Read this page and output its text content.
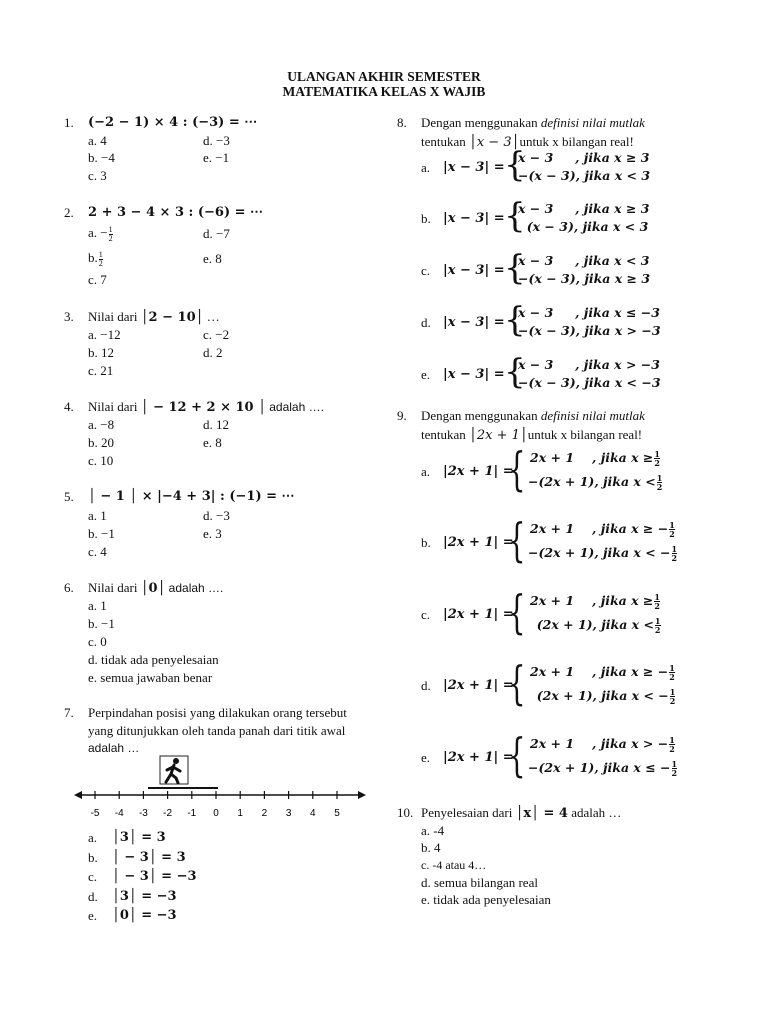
ULANGAN AKHIR SEMESTER
MATEMATIKA KELAS X WAJIB
1. (−2 − 1) × 4 : (−3) = ⋯
a. 4	d. −3
b. −4	e. −1
c. 3
2. 2 + 3 − 4 × 3 : (−6) = ⋯
a. − $\frac{1}{2}$	d. −7
b. $\frac{1}{2}$	e. 8
c. 7
3. Nilai dari │2 − 10│ …
a. −12	c. −2
b. 12	d. 2
c. 21
4. Nilai dari │ − 12 + 2 × 10 │ adalah ….
a. −8	d. 12
b. 20	e. 8
c. 10
5. │ − 1 │ × |−4 + 3| : (−1) = ⋯
a. 1	d. −3
b. −1	e. 3
c. 4
6. Nilai dari │0│ adalah ….
a. 1
b. −1
c. 0
d. tidak ada penyelesaian
e. semua jawaban benar
7. Perpindahan posisi yang dilakukan orang tersebut
yang ditunjukkan oleh tanda panah dari titik awal
adalah …
-5 -4 -3 -2 -1 0 1 2 3 4 5
a. │3│ = 3
b. │ − 3│ = 3
c. │ − 3│ = −3
d. │3│ = −3
e. │0│ = −3
8. Dengan menggunakan definisi nilai mutlak
tentukan │x − 3│untuk x bilangan real!
a. |x − 3| = {
x − 3     , jika x ≥ 3
−(x − 3), jika x < 3
b. |x − 3| = {
x − 3     , jika x ≥ 3
(x − 3), jika x < 3
c. |x − 3| = {
x − 3     , jika x < 3
−(x − 3), jika x ≥ 3
d. |x − 3| = {
x − 3     , jika x ≤ −3
−(x − 3), jika x > −3
e. |x − 3| = {
x − 3     , jika x > −3
−(x − 3), jika x < −3
9. Dengan menggunakan definisi nilai mutlak
tentukan │2x + 1│untuk x bilangan real!
a. |2x + 1| =
{ 2x + 1 , jika $x \ge \frac{1}{2}$
−(2x + 1), jika $x < \frac{1}{2}$
b. |2x + 1| =
{ 2x + 1 , jika x ≥ − $\frac{1}{2}$
−(2x + 1), jika x < − $\frac{1}{2}$
c. |2x + 1| =
{ 2x + 1 , jika $x \ge \frac{1}{2}$
(2x + 1), jika $x < \frac{1}{2}$
d. |2x + 1| =
{ 2x + 1 , jika x ≥ − $\frac{1}{2}$
(2x + 1), jika x < − $\frac{1}{2}$
e. |2x + 1| =
{ 2x + 1 , jika x > − $\frac{1}{2}$
−(2x + 1), jika x ≤ − $\frac{1}{2}$
10. Penyelesaian dari │x│ = 4 adalah …
a. -4
b. 4
c. -4 atau 4…
d. semua bilangan real
e. tidak ada penyelesaian
